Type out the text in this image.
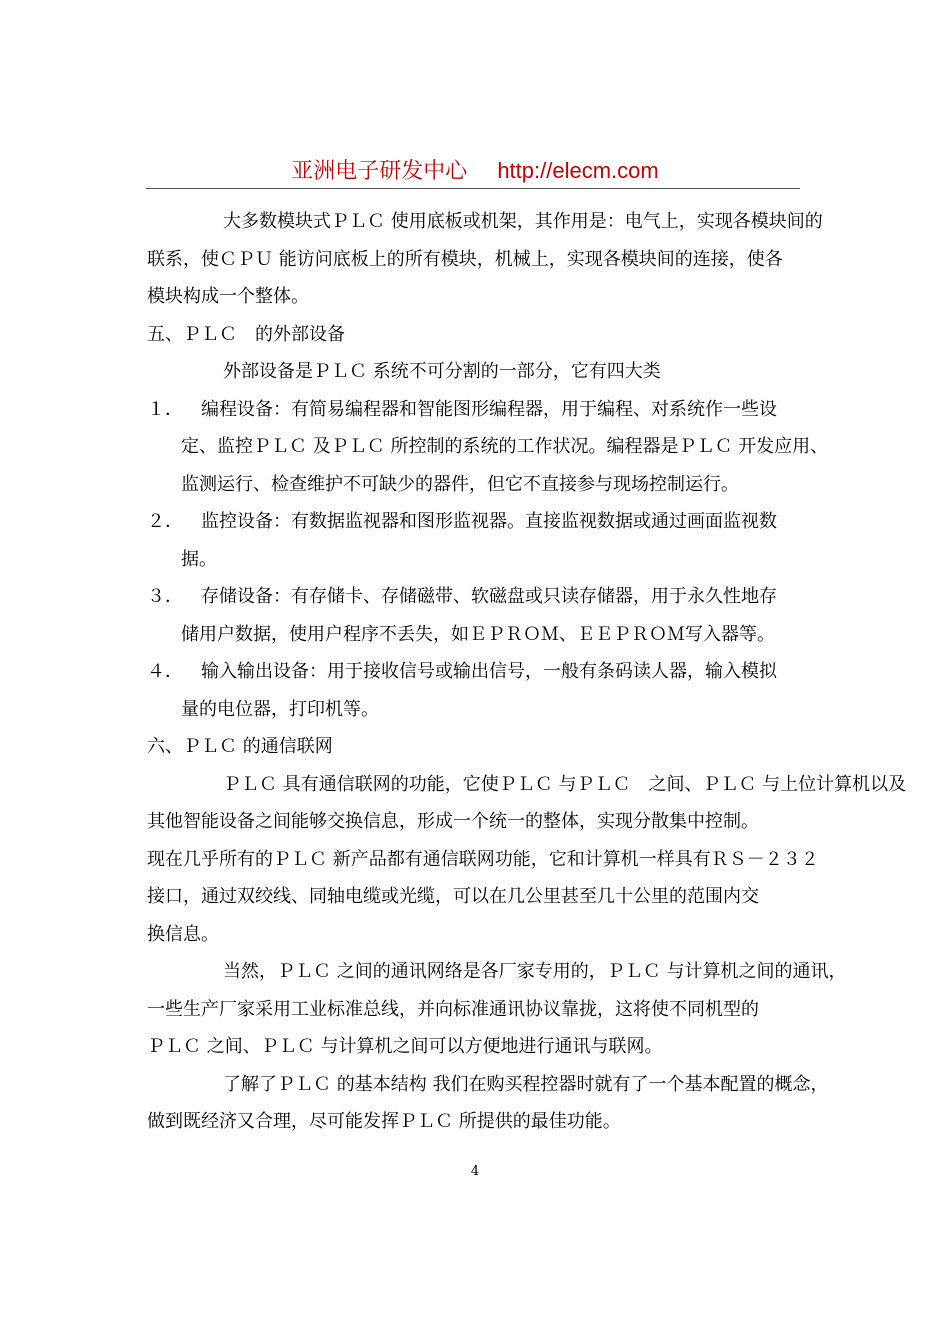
亚洲电子研发中心 http://elecm.com
大多数模块式ＰＬＣ 使用底板或机架，其作用是：电气上，实现各模块间的
联系，使ＣＰＵ 能访问底板上的所有模块，机械上，实现各模块间的连接，使各
模块构成一个整体。
五、ＰＬＣ　的外部设备
外部设备是ＰＬＣ 系统不可分割的一部分，它有四大类
１． 编程设备：有简易编程器和智能图形编程器，用于编程、对系统作一些设
定、监控ＰＬＣ 及ＰＬＣ 所控制的系统的工作状况。编程器是ＰＬＣ 开发应用、
监测运行、检查维护不可缺少的器件，但它不直接参与现场控制运行。
２． 监控设备：有数据监视器和图形监视器。直接监视数据或通过画面监视数
据。
３． 存储设备：有存储卡、存储磁带、软磁盘或只读存储器，用于永久性地存
储用户数据，使用户程序不丢失，如ＥＰＲＯＭ、ＥＥＰＲＯＭ写入器等。
４． 输入输出设备：用于接收信号或输出信号，一般有条码读人器，输入模拟
量的电位器，打印机等。
六、ＰＬＣ 的通信联网
ＰＬＣ 具有通信联网的功能，它使ＰＬＣ 与ＰＬＣ　之间、ＰＬＣ 与上位计算机以及
其他智能设备之间能够交换信息，形成一个统一的整体，实现分散集中控制。
现在几乎所有的ＰＬＣ 新产品都有通信联网功能，它和计算机一样具有ＲＳ－２３２
接口，通过双绞线、同轴电缆或光缆，可以在几公里甚至几十公里的范围内交
换信息。
当然，ＰＬＣ 之间的通讯网络是各厂家专用的，ＰＬＣ 与计算机之间的通讯，
一些生产厂家采用工业标准总线，并向标准通讯协议靠拢，这将使不同机型的
ＰＬＣ 之间、ＰＬＣ 与计算机之间可以方便地进行通讯与联网。
了解了ＰＬＣ 的基本结构 我们在购买程控器时就有了一个基本配置的概念，
做到既经济又合理，尽可能发挥ＰＬＣ 所提供的最佳功能。
4
